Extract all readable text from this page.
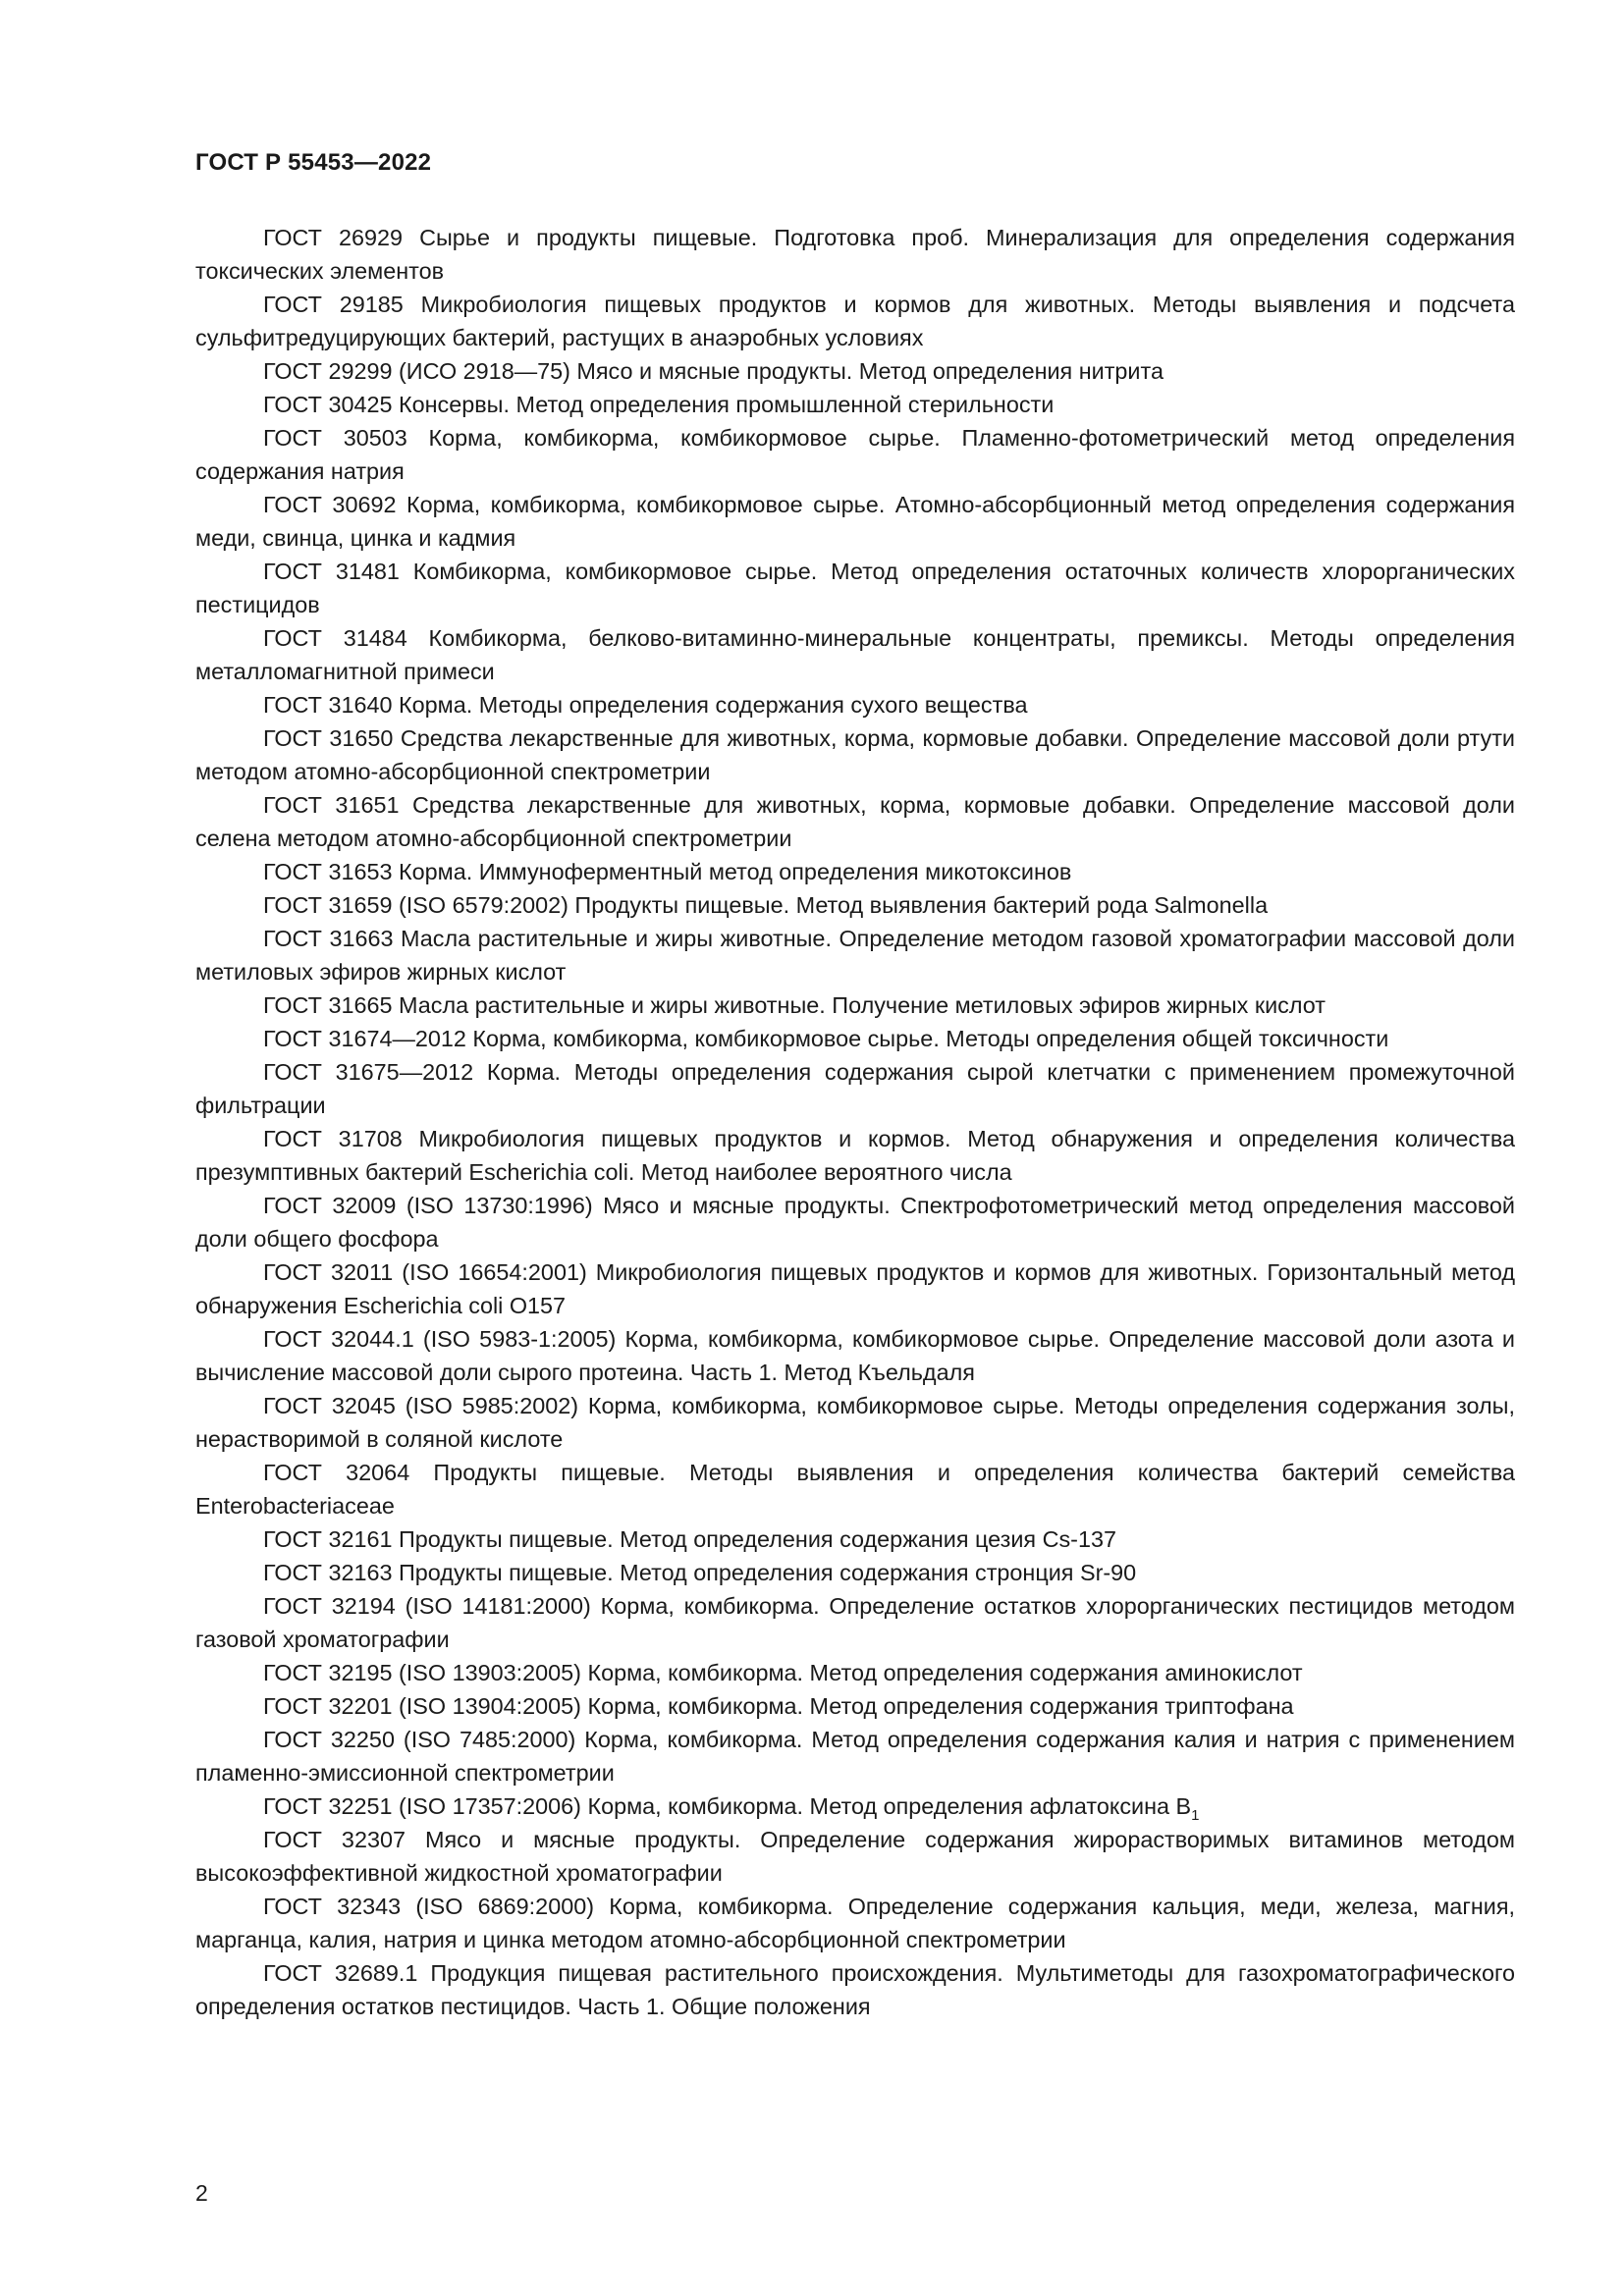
ГОСТ Р 55453—2022

ГОСТ 26929 Сырье и продукты пищевые. Подготовка проб. Минерализация для определения содержания токсических элементов

ГОСТ 29185 Микробиология пищевых продуктов и кормов для животных. Методы выявления и подсчета сульфитредуцирующих бактерий, растущих в анаэробных условиях

ГОСТ 29299 (ИСО 2918—75) Мясо и мясные продукты. Метод определения нитрита

ГОСТ 30425 Консервы. Метод определения промышленной стерильности

ГОСТ 30503 Корма, комбикорма, комбикормовое сырье. Пламенно-фотометрический метод определения содержания натрия

ГОСТ 30692 Корма, комбикорма, комбикормовое сырье. Атомно-абсорбционный метод определения содержания меди, свинца, цинка и кадмия

ГОСТ 31481 Комбикорма, комбикормовое сырье. Метод определения остаточных количеств хлорорганических пестицидов

ГОСТ 31484 Комбикорма, белково-витаминно-минеральные концентраты, премиксы. Методы определения металломагнитной примеси

ГОСТ 31640 Корма. Методы определения содержания сухого вещества

ГОСТ 31650 Средства лекарственные для животных, корма, кормовые добавки. Определение массовой доли ртути методом атомно-абсорбционной спектрометрии

ГОСТ 31651 Средства лекарственные для животных, корма, кормовые добавки. Определение массовой доли селена методом атомно-абсорбционной спектрометрии

ГОСТ 31653 Корма. Иммуноферментный метод определения микотоксинов

ГОСТ 31659 (ISO 6579:2002) Продукты пищевые. Метод выявления бактерий рода Salmonella

ГОСТ 31663 Масла растительные и жиры животные. Определение методом газовой хроматографии массовой доли метиловых эфиров жирных кислот

ГОСТ 31665 Масла растительные и жиры животные. Получение метиловых эфиров жирных кислот

ГОСТ 31674—2012 Корма, комбикорма, комбикормовое сырье. Методы определения общей токсичности

ГОСТ 31675—2012 Корма. Методы определения содержания сырой клетчатки с применением промежуточной фильтрации

ГОСТ 31708 Микробиология пищевых продуктов и кормов. Метод обнаружения и определения количества презумптивных бактерий Escherichia coli. Метод наиболее вероятного числа

ГОСТ 32009 (ISO 13730:1996) Мясо и мясные продукты. Спектрофотометрический метод определения массовой доли общего фосфора

ГОСТ 32011 (ISO 16654:2001) Микробиология пищевых продуктов и кормов для животных. Горизонтальный метод обнаружения Escherichia coli O157

ГОСТ 32044.1 (ISO 5983-1:2005) Корма, комбикорма, комбикормовое сырье. Определение массовой доли азота и вычисление массовой доли сырого протеина. Часть 1. Метод Къельдаля

ГОСТ 32045 (ISO 5985:2002) Корма, комбикорма, комбикормовое сырье. Методы определения содержания золы, нерастворимой в соляной кислоте

ГОСТ 32064 Продукты пищевые. Методы выявления и определения количества бактерий семейства Enterobacteriaceae

ГОСТ 32161 Продукты пищевые. Метод определения содержания цезия Cs-137

ГОСТ 32163 Продукты пищевые. Метод определения содержания стронция Sr-90

ГОСТ 32194 (ISO 14181:2000) Корма, комбикорма. Определение остатков хлорорганических пестицидов методом газовой хроматографии

ГОСТ 32195 (ISO 13903:2005) Корма, комбикорма. Метод определения содержания аминокислот

ГОСТ 32201 (ISO 13904:2005) Корма, комбикорма. Метод определения содержания триптофана

ГОСТ 32250 (ISO 7485:2000) Корма, комбикорма. Метод определения содержания калия и натрия с применением пламенно-эмиссионной спектрометрии

ГОСТ 32251 (ISO 17357:2006) Корма, комбикорма. Метод определения афлатоксина $B_1$

ГОСТ 32307 Мясо и мясные продукты. Определение содержания жирорастворимых витаминов методом высокоэффективной жидкостной хроматографии

ГОСТ 32343 (ISO 6869:2000) Корма, комбикорма. Определение содержания кальция, меди, железа, магния, марганца, калия, натрия и цинка методом атомно-абсорбционной спектрометрии

ГОСТ 32689.1 Продукция пищевая растительного происхождения. Мультиметоды для газохроматографического определения остатков пестицидов. Часть 1. Общие положения

2
